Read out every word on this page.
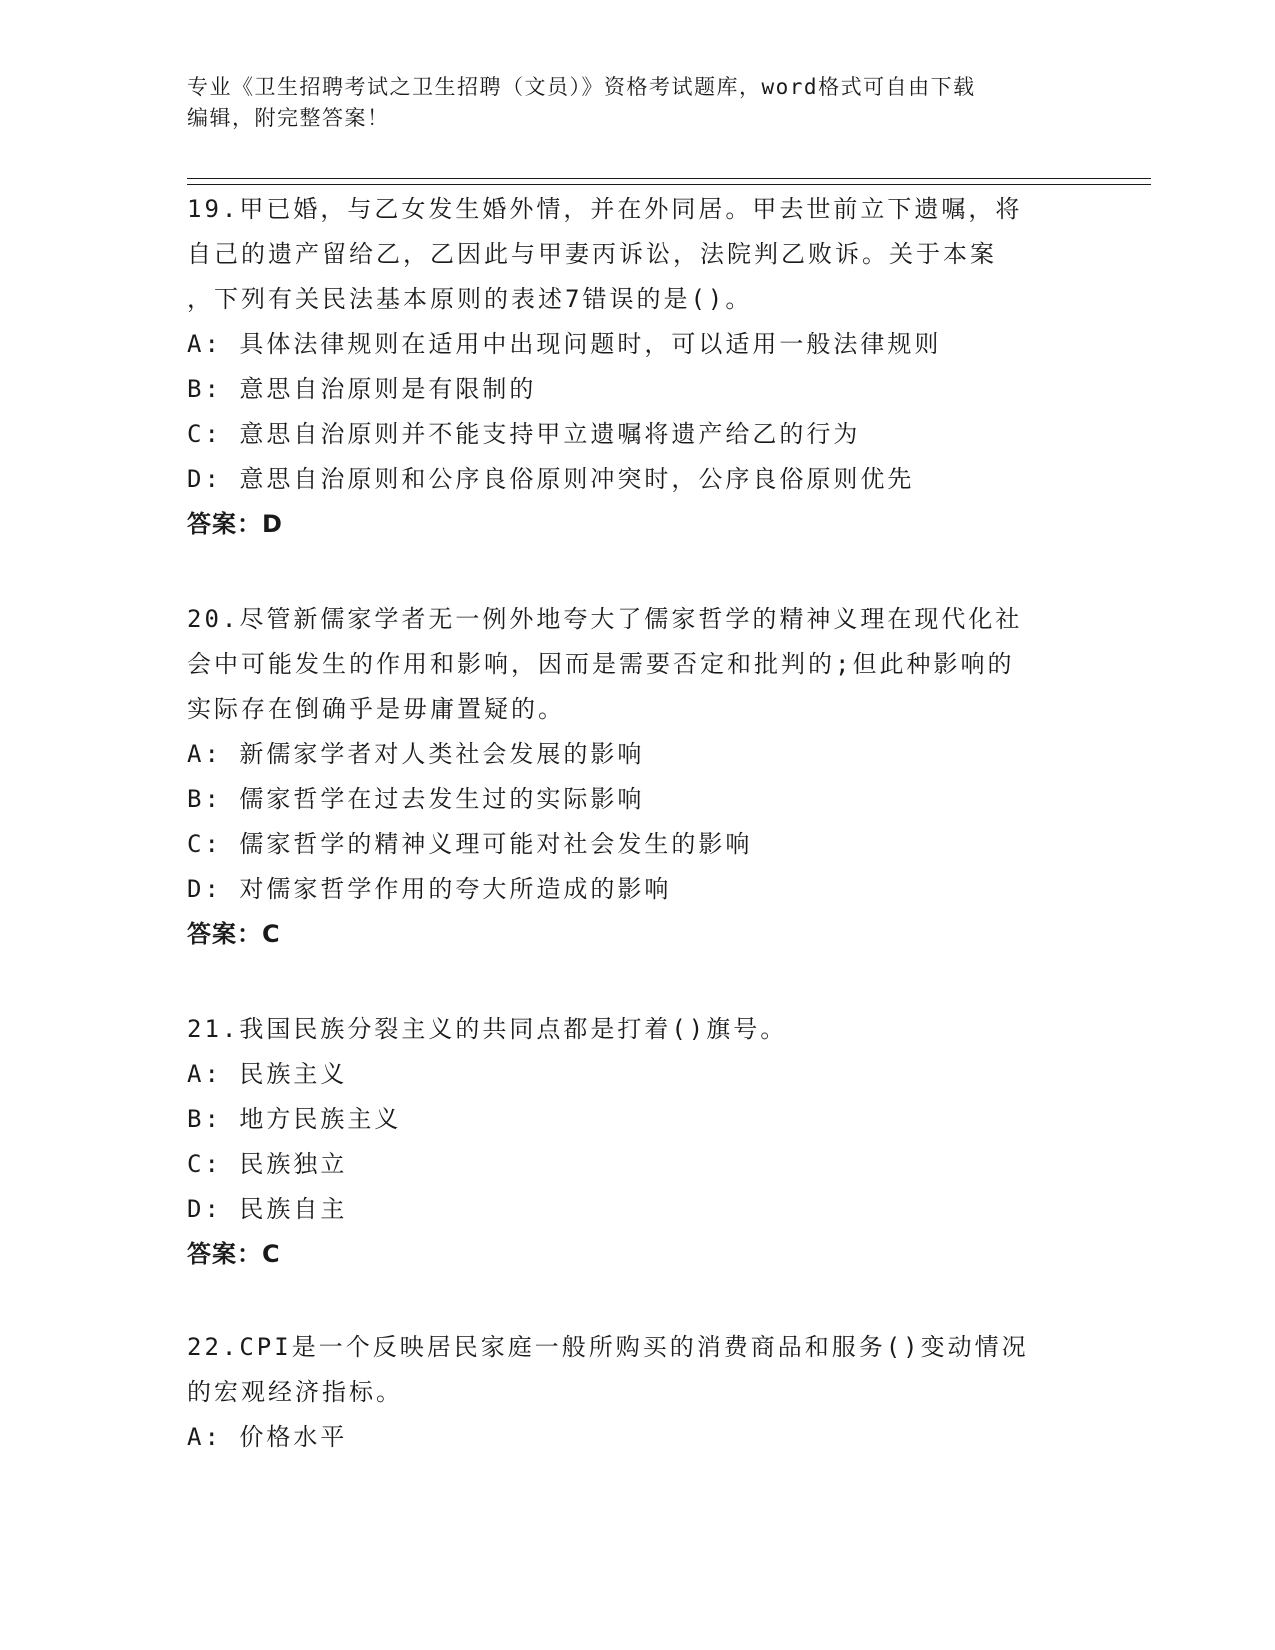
专业《卫生招聘考试之卫生招聘（文员）》资格考试题库，word格式可自由下载
编辑，附完整答案！
19.甲已婚，与乙女发生婚外情，并在外同居。甲去世前立下遗嘱，将
自己的遗产留给乙，乙因此与甲妻丙诉讼，法院判乙败诉。关于本案
，下列有关民法基本原则的表述7错误的是()。
A: 具体法律规则在适用中出现问题时，可以适用一般法律规则
B: 意思自治原则是有限制的
C: 意思自治原则并不能支持甲立遗嘱将遗产给乙的行为
D: 意思自治原则和公序良俗原则冲突时，公序良俗原则优先
答案：D
20.尽管新儒家学者无一例外地夸大了儒家哲学的精神义理在现代化社
会中可能发生的作用和影响，因而是需要否定和批判的;但此种影响的
实际存在倒确乎是毋庸置疑的。
A: 新儒家学者对人类社会发展的影响
B: 儒家哲学在过去发生过的实际影响
C: 儒家哲学的精神义理可能对社会发生的影响
D: 对儒家哲学作用的夸大所造成的影响
答案：C
21.我国民族分裂主义的共同点都是打着()旗号。
A: 民族主义
B: 地方民族主义
C: 民族独立
D: 民族自主
答案：C
22.CPI是一个反映居民家庭一般所购买的消费商品和服务()变动情况
的宏观经济指标。
A: 价格水平
